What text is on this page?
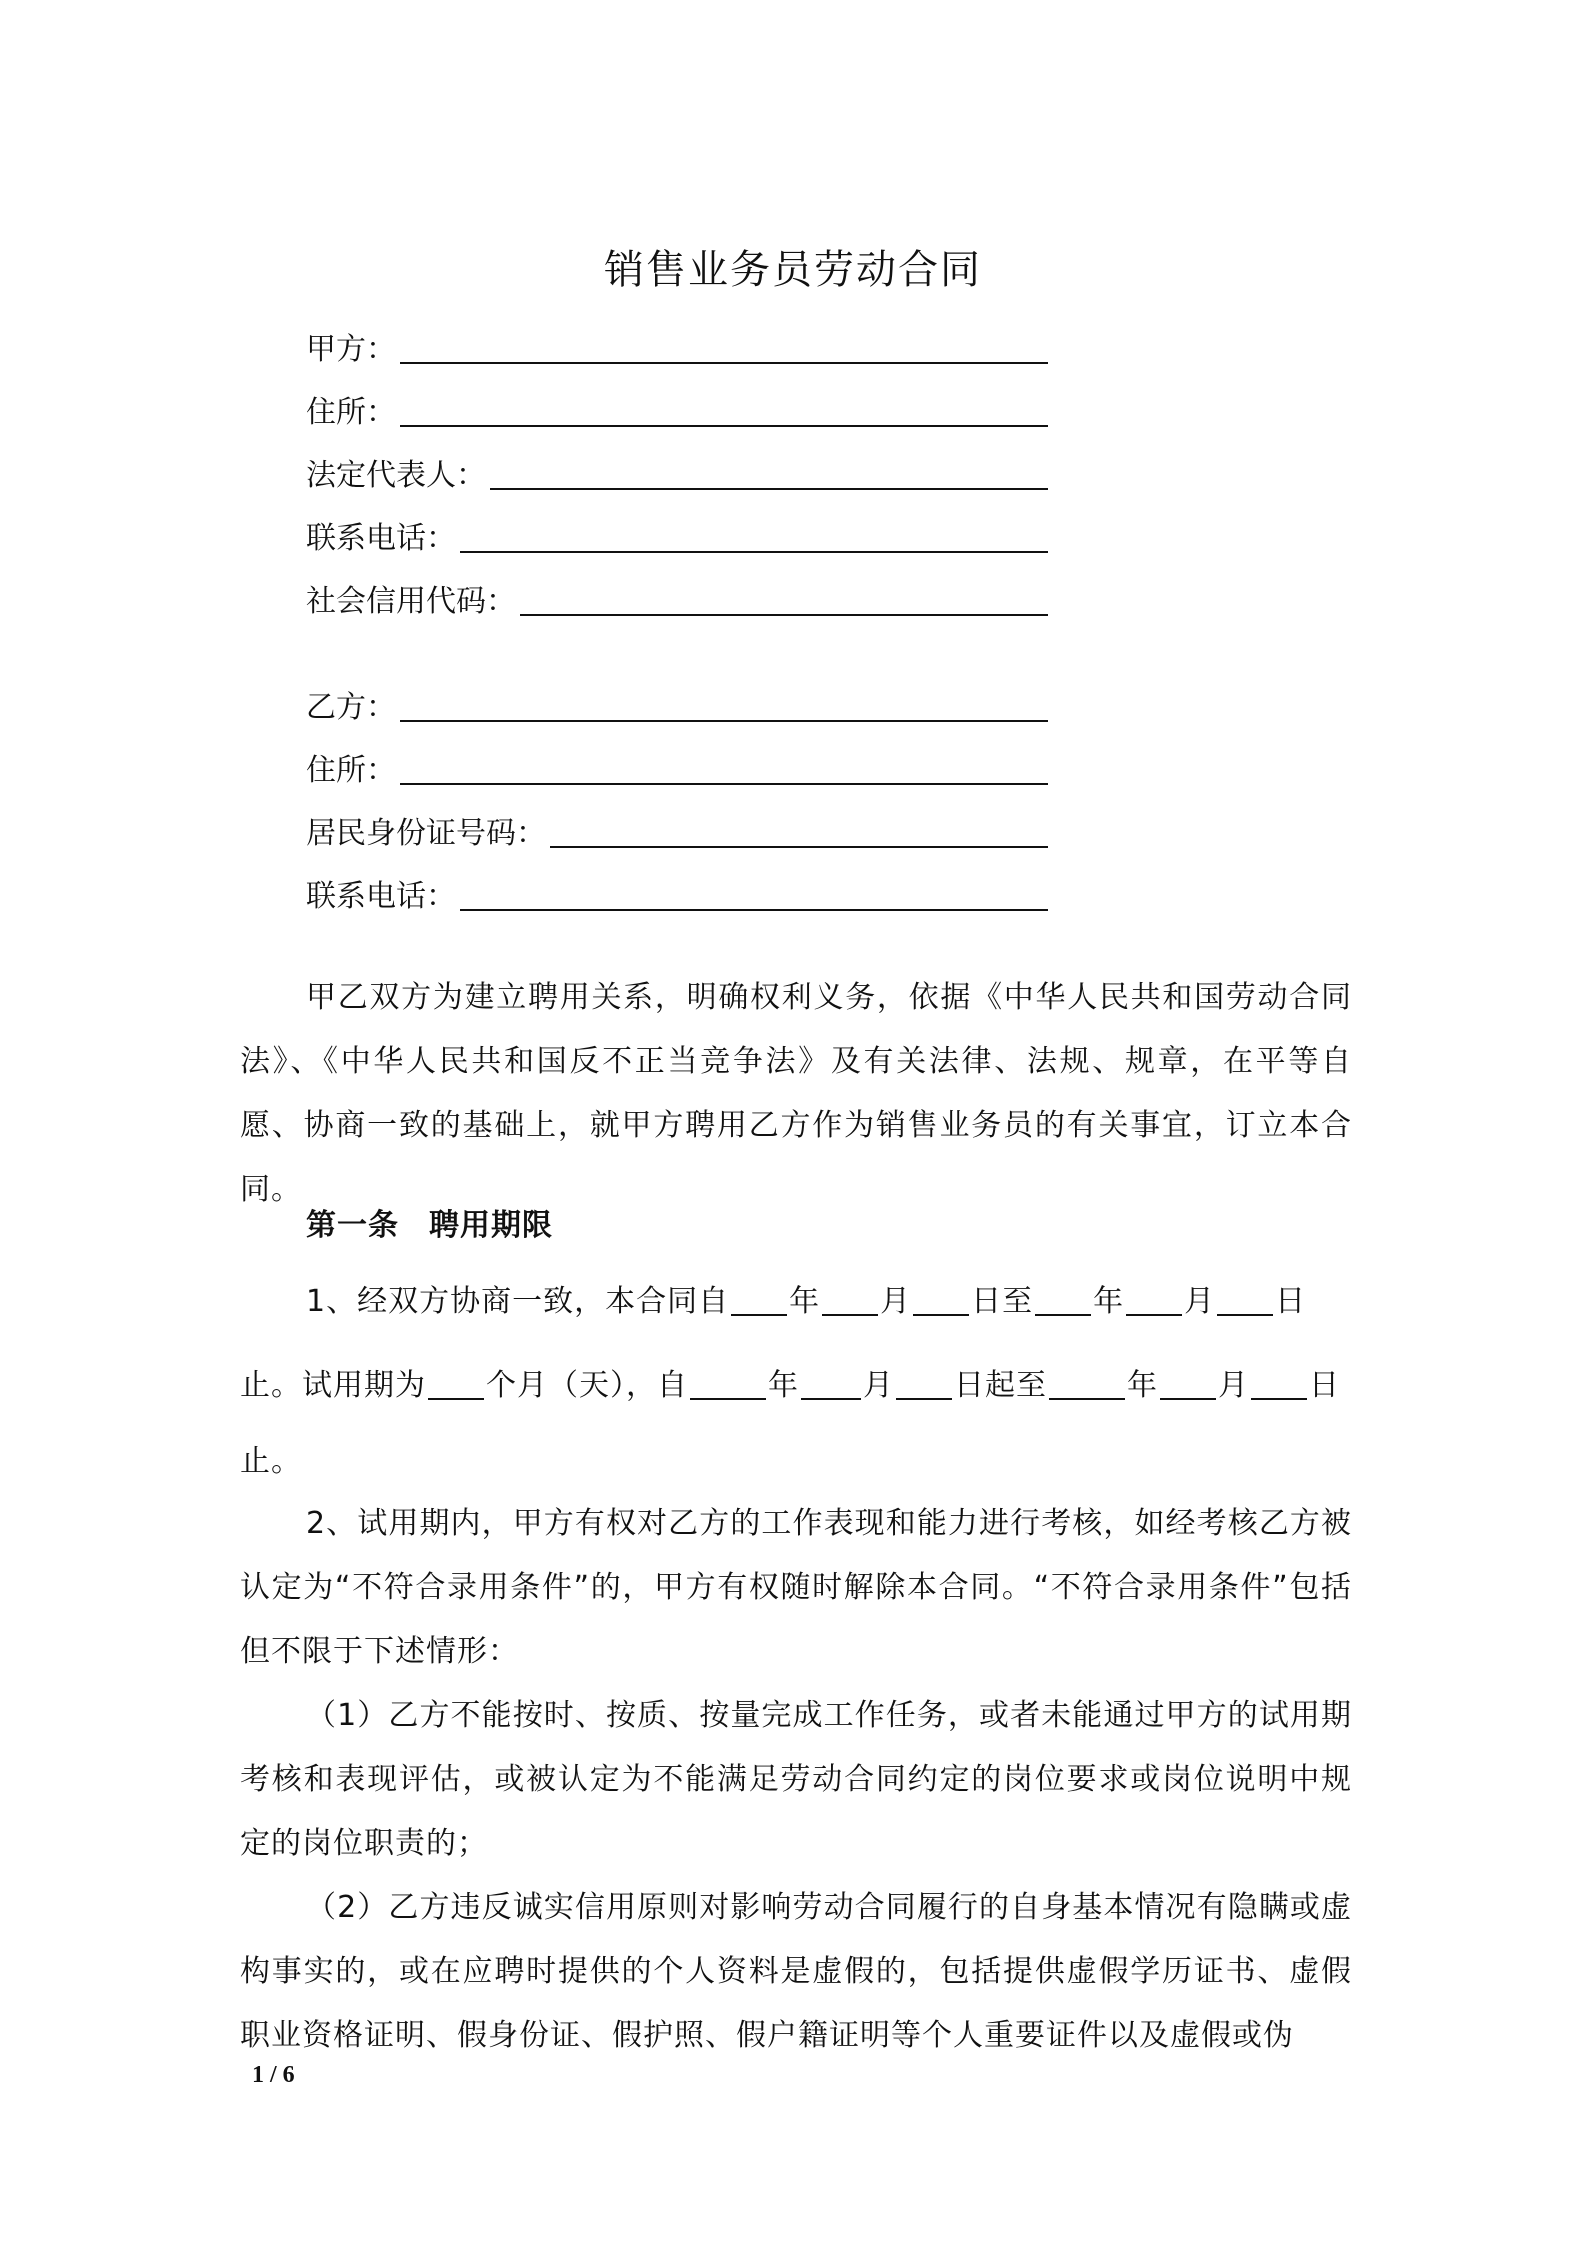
销售业务员劳动合同
甲方：
住所：
法定代表人：
联系电话：
社会信用代码：
乙方：
住所：
居民身份证号码：
联系电话：
甲乙双方为建立聘用关系，明确权利义务，依据《中华人民共和国劳动合同法》、《中华人民共和国反不正当竞争法》及有关法律、法规、规章，在平等自愿、协商一致的基础上，就甲方聘用乙方作为销售业务员的有关事宜，订立本合同。
第一条 聘用期限
1、经双方协商一致，本合同自 年 月 日至 年 月 日
止。试用期为 个月（天），自	年 月 日起至	年 月 日
止。
2、试用期内，甲方有权对乙方的工作表现和能力进行考核，如经考核乙方被认定为“不符合录用条件”的，甲方有权随时解除本合同。“不符合录用条件”包括但不限于下述情形：
（1）乙方不能按时、按质、按量完成工作任务，或者未能通过甲方的试用期考核和表现评估，或被认定为不能满足劳动合同约定的岗位要求或岗位说明中规定的岗位职责的；
（2）乙方违反诚实信用原则对影响劳动合同履行的自身基本情况有隐瞒或虚构事实的，或在应聘时提供的个人资料是虚假的，包括提供虚假学历证书、虚假职业资格证明、假身份证、假护照、假户籍证明等个人重要证件以及虚假或伪
1 / 6
